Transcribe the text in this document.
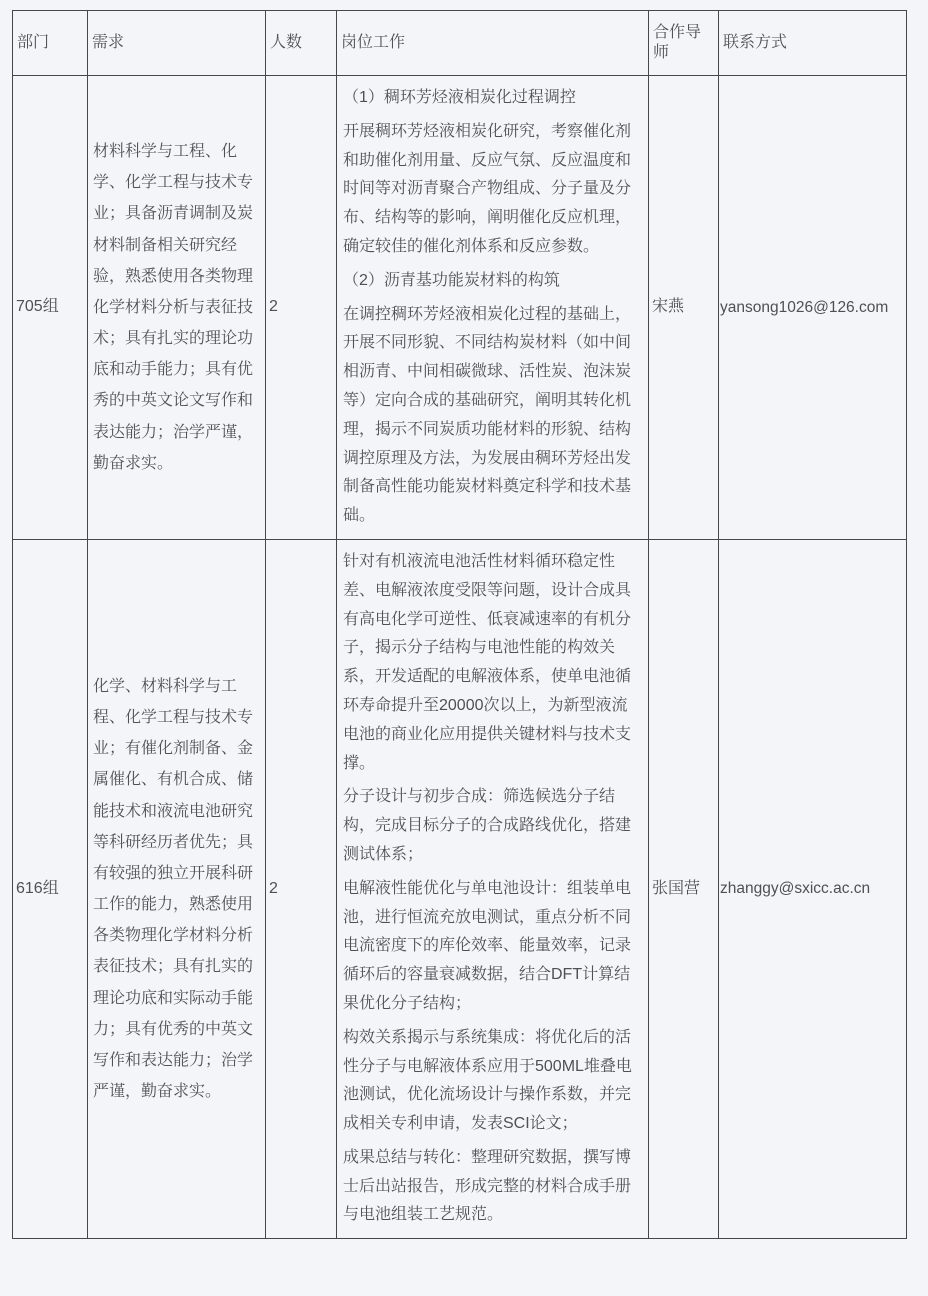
部门	需求	人数	岗位工作	合作导师	联系方式
705组	材料科学与工程、化学、化学工程与技术专业；具备沥青调制及炭材料制备相关研究经验，熟悉使用各类物理化学材料分析与表征技术；具有扎实的理论功底和动手能力；具有优秀的中英文论文写作和表达能力；治学严谨，勤奋求实。	2	（1）稠环芳烃液相炭化过程调控

开展稠环芳烃液相炭化研究，考察催化剂和助催化剂用量、反应气氛、反应温度和时间等对沥青聚合产物组成、分子量及分布、结构等的影响，阐明催化反应机理，确定较佳的催化剂体系和反应参数。

（2）沥青基功能炭材料的构筑

在调控稠环芳烃液相炭化过程的基础上，开展不同形貌、不同结构炭材料（如中间相沥青、中间相碳微球、活性炭、泡沫炭等）定向合成的基础研究，阐明其转化机理，揭示不同炭质功能材料的形貌、结构调控原理及方法，为发展由稠环芳烃出发制备高性能功能炭材料奠定科学和技术基础。	宋燕	yansong1026@126.com
616组	化学、材料科学与工程、化学工程与技术专业；有催化剂制备、金属催化、有机合成、储能技术和液流电池研究等科研经历者优先；具有较强的独立开展科研工作的能力，熟悉使用各类物理化学材料分析表征技术；具有扎实的理论功底和实际动手能力；具有优秀的中英文写作和表达能力；治学严谨，勤奋求实。	2	针对有机液流电池活性材料循环稳定性差、电解液浓度受限等问题，设计合成具有高电化学可逆性、低衰减速率的有机分子，揭示分子结构与电池性能的构效关系，开发适配的电解液体系，使单电池循环寿命提升至20000次以上，为新型液流电池的商业化应用提供关键材料与技术支撑。

分子设计与初步合成：筛选候选分子结构，完成目标分子的合成路线优化，搭建测试体系；

电解液性能优化与单电池设计：组装单电池，进行恒流充放电测试，重点分析不同电流密度下的库伦效率、能量效率，记录循环后的容量衰减数据，结合DFT计算结果优化分子结构；

构效关系揭示与系统集成：将优化后的活性分子与电解液体系应用于500ML堆叠电池测试，优化流场设计与操作系数，并完成相关专利申请，发表SCI论文；

成果总结与转化：整理研究数据，撰写博士后出站报告，形成完整的材料合成手册与电池组装工艺规范。	张国营	zhanggy@sxicc.ac.cn
